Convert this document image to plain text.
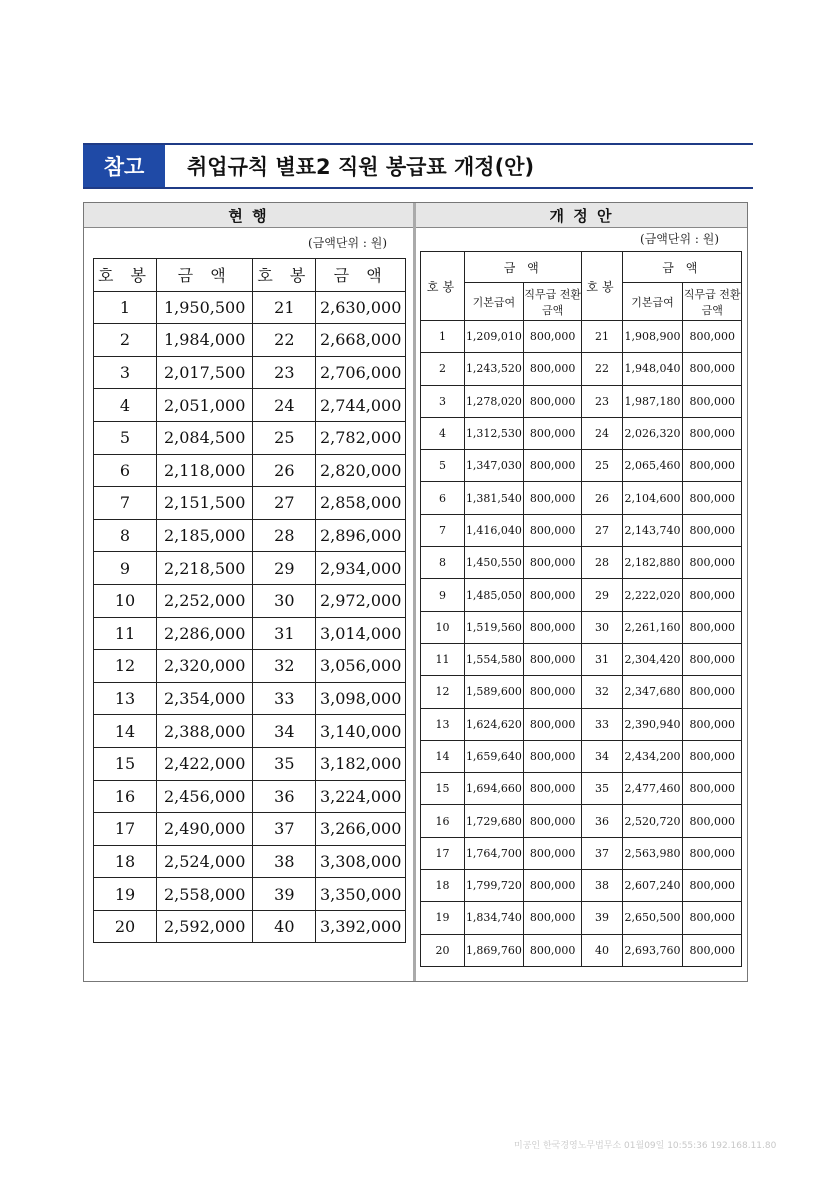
참고	취업규칙 별표2 직원 봉급표 개정(안)
현 행	개 정 안
(금액단위 : 원)	(금액단위 : 원)
호 봉	금 액	호 봉	금 액
1	1,950,500	21	2,630,000
2	1,984,000	22	2,668,000
3	2,017,500	23	2,706,000
4	2,051,000	24	2,744,000
5	2,084,500	25	2,782,000
6	2,118,000	26	2,820,000
7	2,151,500	27	2,858,000
8	2,185,000	28	2,896,000
9	2,218,500	29	2,934,000
10	2,252,000	30	2,972,000
11	2,286,000	31	3,014,000
12	2,320,000	32	3,056,000
13	2,354,000	33	3,098,000
14	2,388,000	34	3,140,000
15	2,422,000	35	3,182,000
16	2,456,000	36	3,224,000
17	2,490,000	37	3,266,000
18	2,524,000	38	3,308,000
19	2,558,000	39	3,350,000
20	2,592,000	40	3,392,000
호봉	금 액		호봉	금 액	
	기본급여	직무급 전환금액		기본급여	직무급 전환금액
1	1,209,010	800,000	21	1,908,900	800,000
2	1,243,520	800,000	22	1,948,040	800,000
3	1,278,020	800,000	23	1,987,180	800,000
4	1,312,530	800,000	24	2,026,320	800,000
5	1,347,030	800,000	25	2,065,460	800,000
6	1,381,540	800,000	26	2,104,600	800,000
7	1,416,040	800,000	27	2,143,740	800,000
8	1,450,550	800,000	28	2,182,880	800,000
9	1,485,050	800,000	29	2,222,020	800,000
10	1,519,560	800,000	30	2,261,160	800,000
11	1,554,580	800,000	31	2,304,420	800,000
12	1,589,600	800,000	32	2,347,680	800,000
13	1,624,620	800,000	33	2,390,940	800,000
14	1,659,640	800,000	34	2,434,200	800,000
15	1,694,660	800,000	35	2,477,460	800,000
16	1,729,680	800,000	36	2,520,720	800,000
17	1,764,700	800,000	37	2,563,980	800,000
18	1,799,720	800,000	38	2,607,240	800,000
19	1,834,740	800,000	39	2,650,500	800,000
20	1,869,760	800,000	40	2,693,760	800,000
미공인 한국경영노무법무소 01월09일 10:55:36 192.168.11.80
